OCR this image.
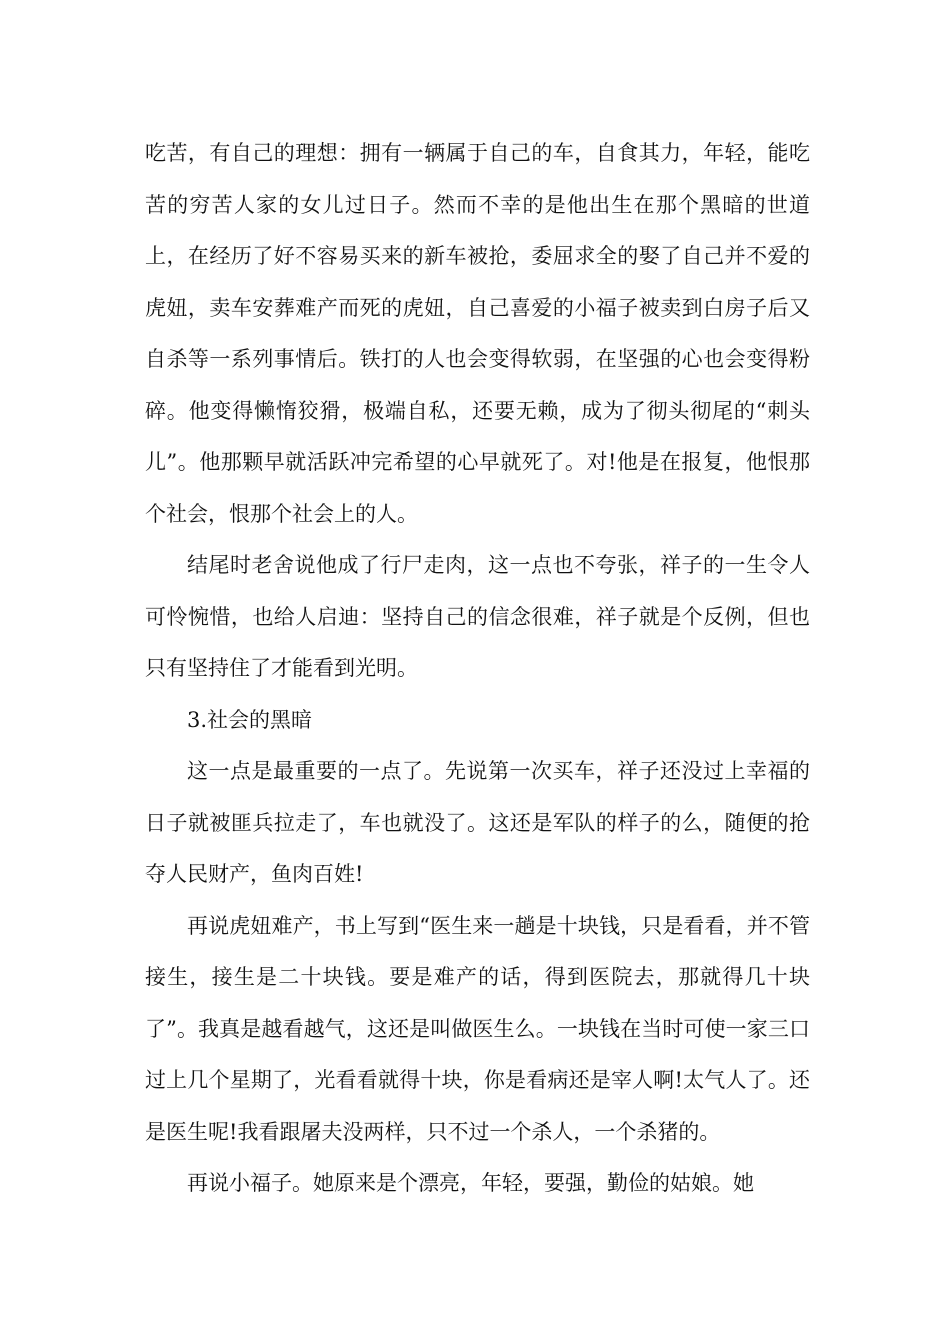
吃苦，有自己的理想：拥有一辆属于自己的车，自食其力，年轻，能吃苦的穷苦人家的女儿过日子。然而不幸的是他出生在那个黑暗的世道上，在经历了好不容易买来的新车被抢，委屈求全的娶了自己并不爱的虎妞，卖车安葬难产而死的虎妞，自己喜爱的小福子被卖到白房子后又自杀等一系列事情后。铁打的人也会变得软弱，在坚强的心也会变得粉碎。他变得懒惰狡猾，极端自私，还要无赖，成为了彻头彻尾的“刺头儿”。他那颗早就活跃冲完希望的心早就死了。对!他是在报复，他恨那个社会，恨那个社会上的人。

结尾时老舍说他成了行尸走肉，这一点也不夸张，祥子的一生令人可怜惋惜，也给人启迪：坚持自己的信念很难，祥子就是个反例，但也只有坚持住了才能看到光明。

3.社会的黑暗

这一点是最重要的一点了。先说第一次买车，祥子还没过上幸福的日子就被匪兵拉走了，车也就没了。这还是军队的样子的么，随便的抢夺人民财产，鱼肉百姓!

再说虎妞难产，书上写到“医生来一趟是十块钱，只是看看，并不管接生，接生是二十块钱。要是难产的话，得到医院去，那就得几十块了”。我真是越看越气，这还是叫做医生么。一块钱在当时可使一家三口过上几个星期了，光看看就得十块，你是看病还是宰人啊!太气人了。还是医生呢!我看跟屠夫没两样，只不过一个杀人，一个杀猪的。

再说小福子。她原来是个漂亮，年轻，要强，勤俭的姑娘。她
